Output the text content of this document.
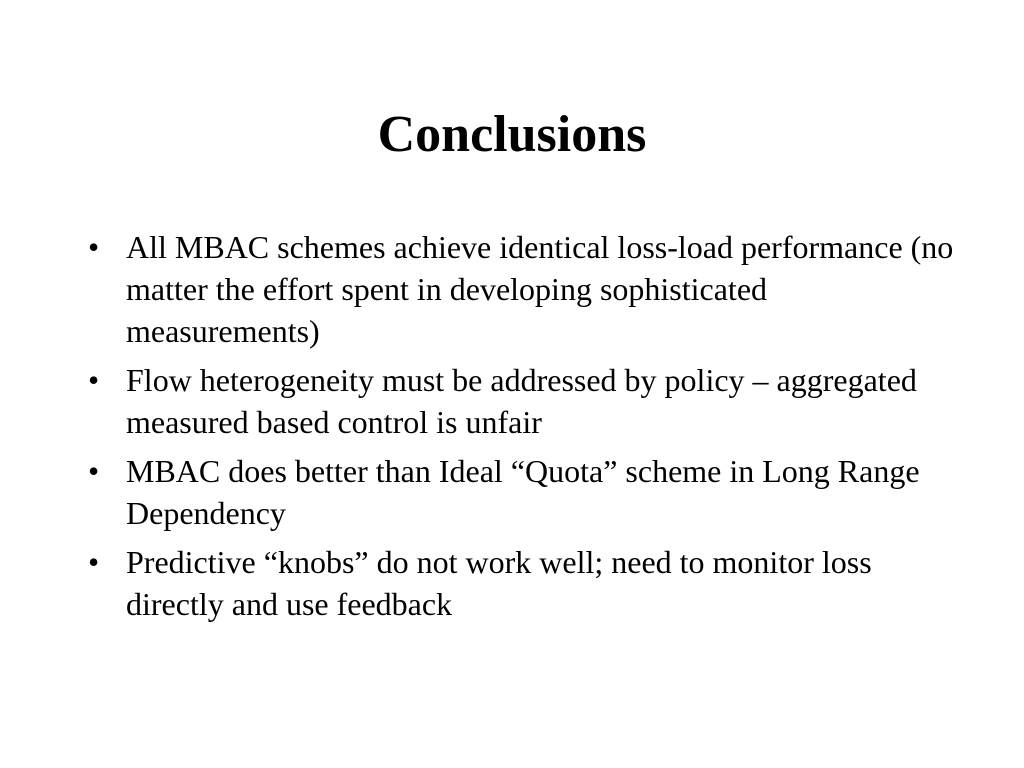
Conclusions
• All MBAC schemes achieve identical loss-load performance (no matter the effort spent in developing sophisticated measurements)
• Flow heterogeneity must be addressed by policy – aggregated measured based control is unfair
• MBAC does better than Ideal “Quota” scheme in Long Range Dependency
• Predictive “knobs” do not work well; need to monitor loss directly and use feedback
